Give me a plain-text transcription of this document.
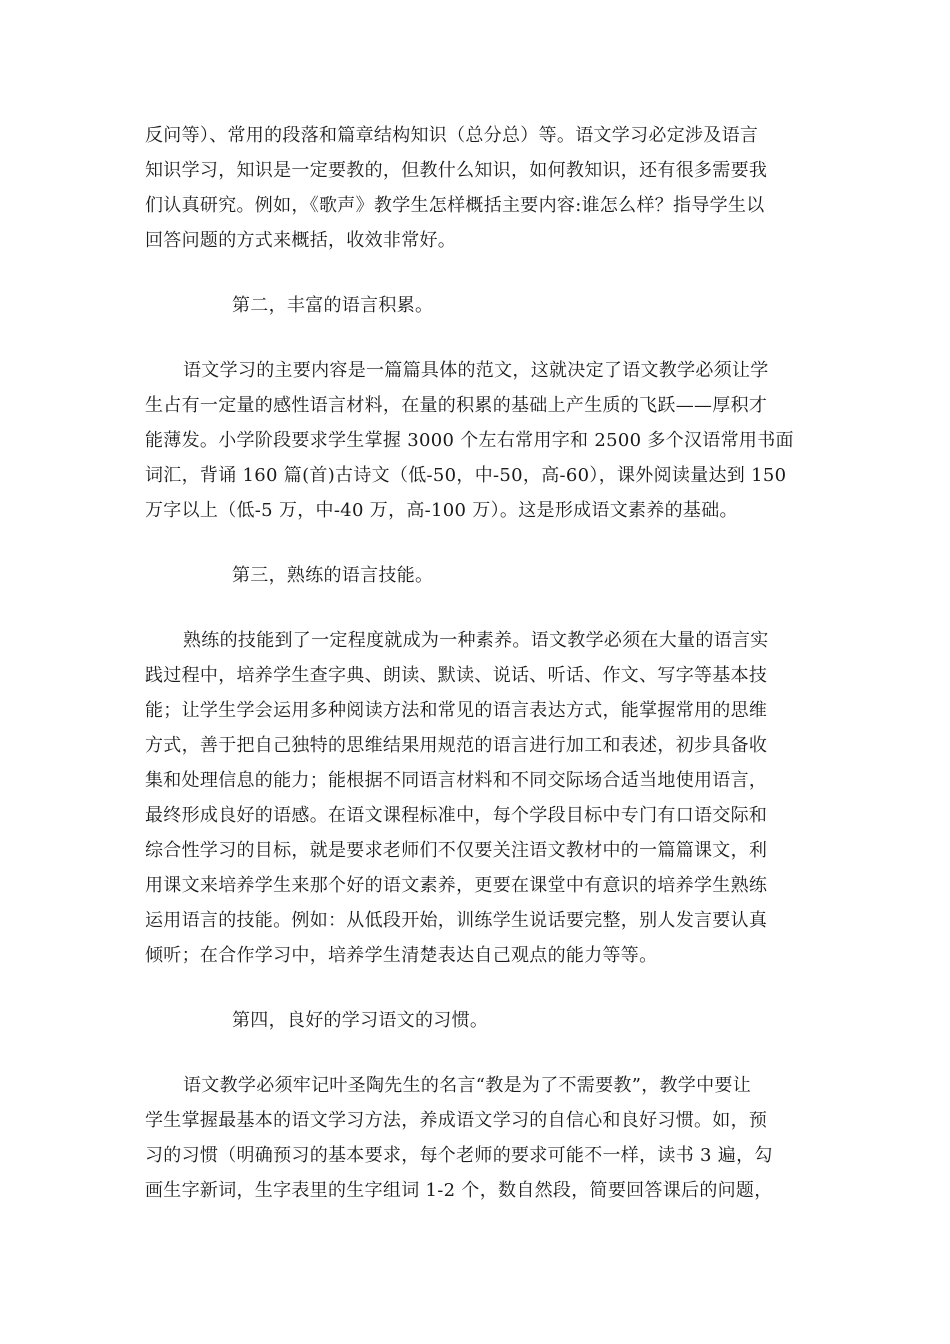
反问等）、常用的段落和篇章结构知识（总分总）等。语文学习必定涉及语言
知识学习，知识是一定要教的，但教什么知识，如何教知识，还有很多需要我
们认真研究。例如，《歌声》教学生怎样概括主要内容:谁怎么样？指导学生以
回答问题的方式来概括，收效非常好。
第二，丰富的语言积累。
语文学习的主要内容是一篇篇具体的范文，这就决定了语文教学必须让学
生占有一定量的感性语言材料，在量的积累的基础上产生质的飞跃——厚积才
能薄发。小学阶段要求学生掌握 3000 个左右常用字和 2500 多个汉语常用书面
词汇，背诵 160 篇(首)古诗文（低-50，中-50，高-60），课外阅读量达到 150
万字以上（低-5 万，中-40 万，高-100 万）。这是形成语文素养的基础。
第三，熟练的语言技能。
熟练的技能到了一定程度就成为一种素养。语文教学必须在大量的语言实
践过程中，培养学生查字典、朗读、默读、说话、听话、作文、写字等基本技
能；让学生学会运用多种阅读方法和常见的语言表达方式，能掌握常用的思维
方式，善于把自己独特的思维结果用规范的语言进行加工和表述，初步具备收
集和处理信息的能力；能根据不同语言材料和不同交际场合适当地使用语言，
最终形成良好的语感。在语文课程标准中，每个学段目标中专门有口语交际和
综合性学习的目标，就是要求老师们不仅要关注语文教材中的一篇篇课文，利
用课文来培养学生来那个好的语文素养，更要在课堂中有意识的培养学生熟练
运用语言的技能。例如：从低段开始，训练学生说话要完整，别人发言要认真
倾听；在合作学习中，培养学生清楚表达自己观点的能力等等。
第四，良好的学习语文的习惯。
语文教学必须牢记叶圣陶先生的名言“教是为了不需要教”，教学中要让
学生掌握最基本的语文学习方法，养成语文学习的自信心和良好习惯。如，预
习的习惯（明确预习的基本要求，每个老师的要求可能不一样，读书 3 遍，勾
画生字新词，生字表里的生字组词 1-2 个，数自然段，简要回答课后的问题，
